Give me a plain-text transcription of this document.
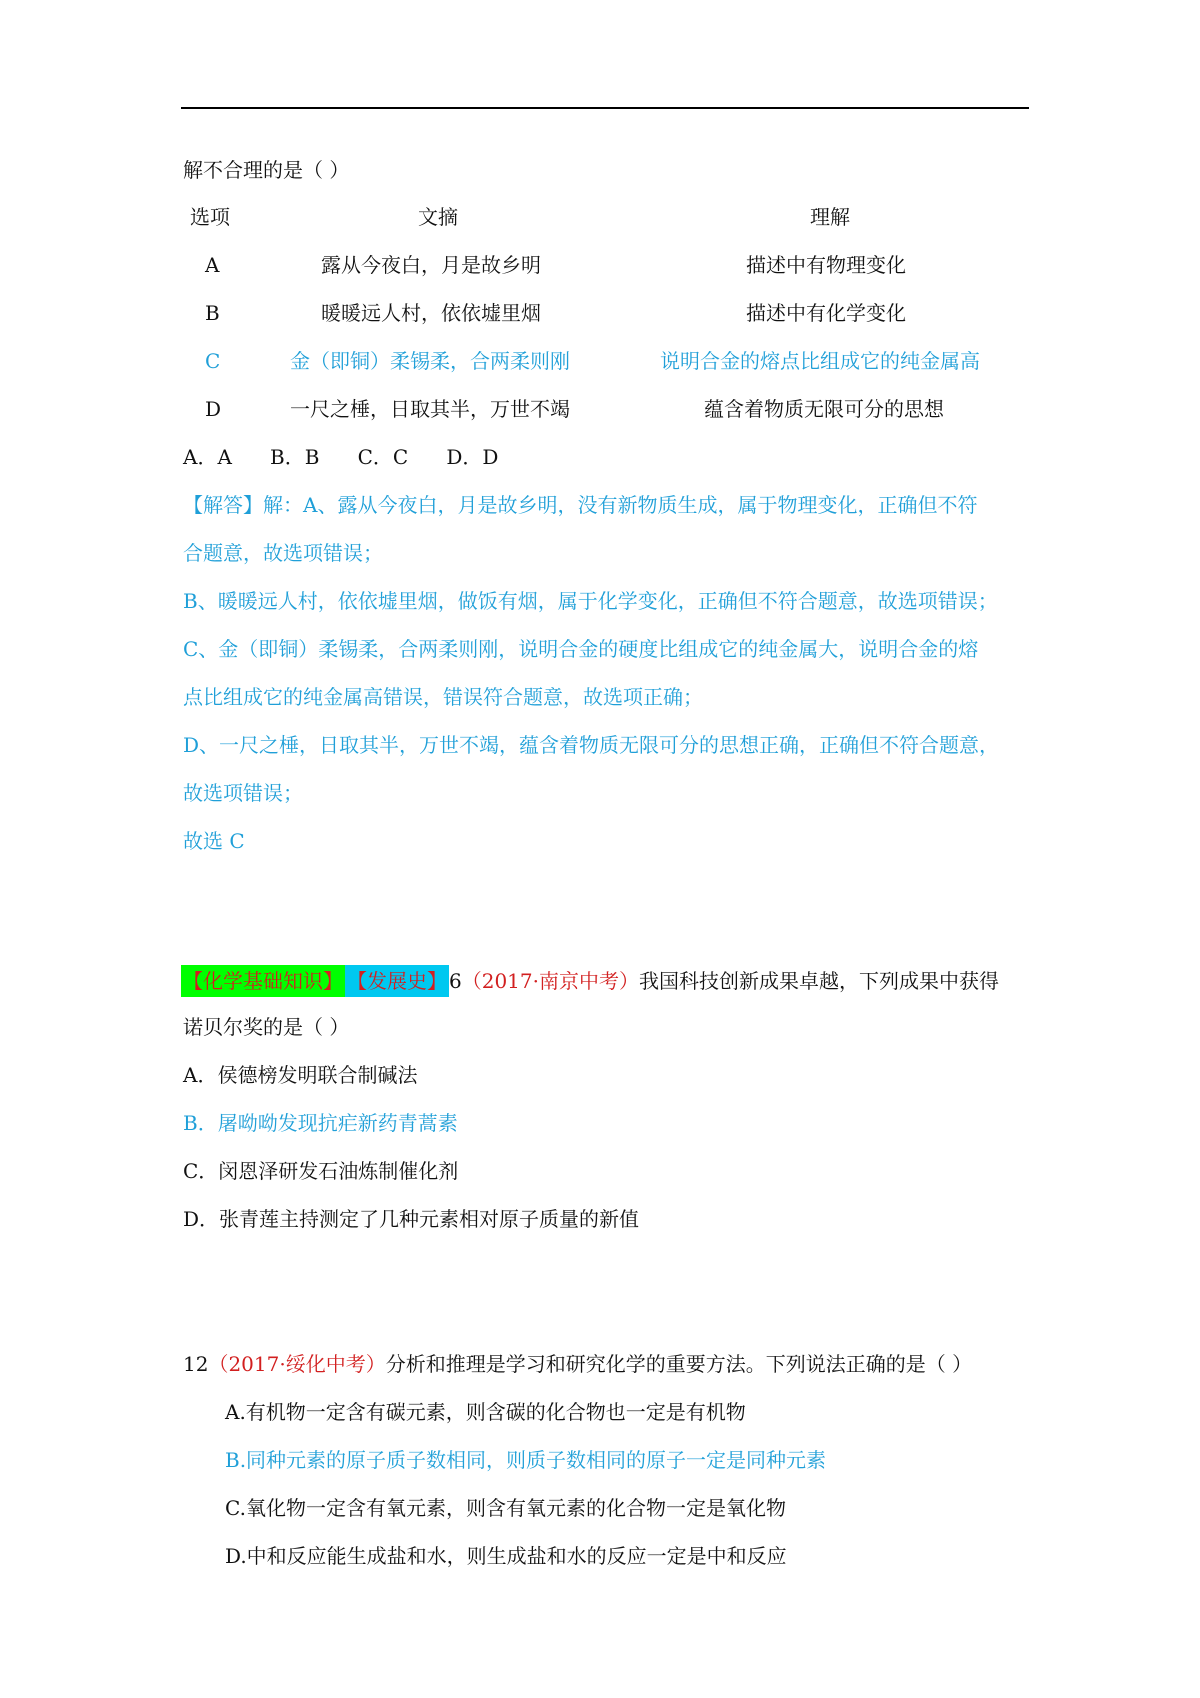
解不合理的是（ ）
选项	文摘	理解
A	露从今夜白，月是故乡明	描述中有物理变化
B	暖暖远人村，依依墟里烟	描述中有化学变化
C	金（即铜）柔锡柔，合两柔则刚	说明合金的熔点比组成它的纯金属高
D	一尺之棰，日取其半，万世不竭	蕴含着物质无限可分的思想
A．A      B．B      C．C      D．D
【解答】解：A、露从今夜白，月是故乡明，没有新物质生成，属于物理变化，正确但不符
合题意，故选项错误；
B、暖暖远人村，依依墟里烟，做饭有烟，属于化学变化，正确但不符合题意，故选项错误；
C、金（即铜）柔锡柔，合两柔则刚，说明合金的硬度比组成它的纯金属大，说明合金的熔
点比组成它的纯金属高错误，错误符合题意，故选项正确；
D、一尺之棰，日取其半，万世不竭，蕴含着物质无限可分的思想正确，正确但不符合题意，
故选项错误；
故选 C
【化学基础知识】 【发展史】 6（2017·南京中考）我国科技创新成果卓越，下列成果中获得
诺贝尔奖的是（ ）
A．侯德榜发明联合制碱法
B．屠呦呦发现抗疟新药青蒿素
C．闵恩泽研发石油炼制催化剂
D．张青莲主持测定了几种元素相对原子质量的新值
12（2017·绥化中考）分析和推理是学习和研究化学的重要方法。下列说法正确的是（ ）
A.有机物一定含有碳元素，则含碳的化合物也一定是有机物
B.同种元素的原子质子数相同，则质子数相同的原子一定是同种元素
C.氧化物一定含有氧元素，则含有氧元素的化合物一定是氧化物
D.中和反应能生成盐和水，则生成盐和水的反应一定是中和反应
